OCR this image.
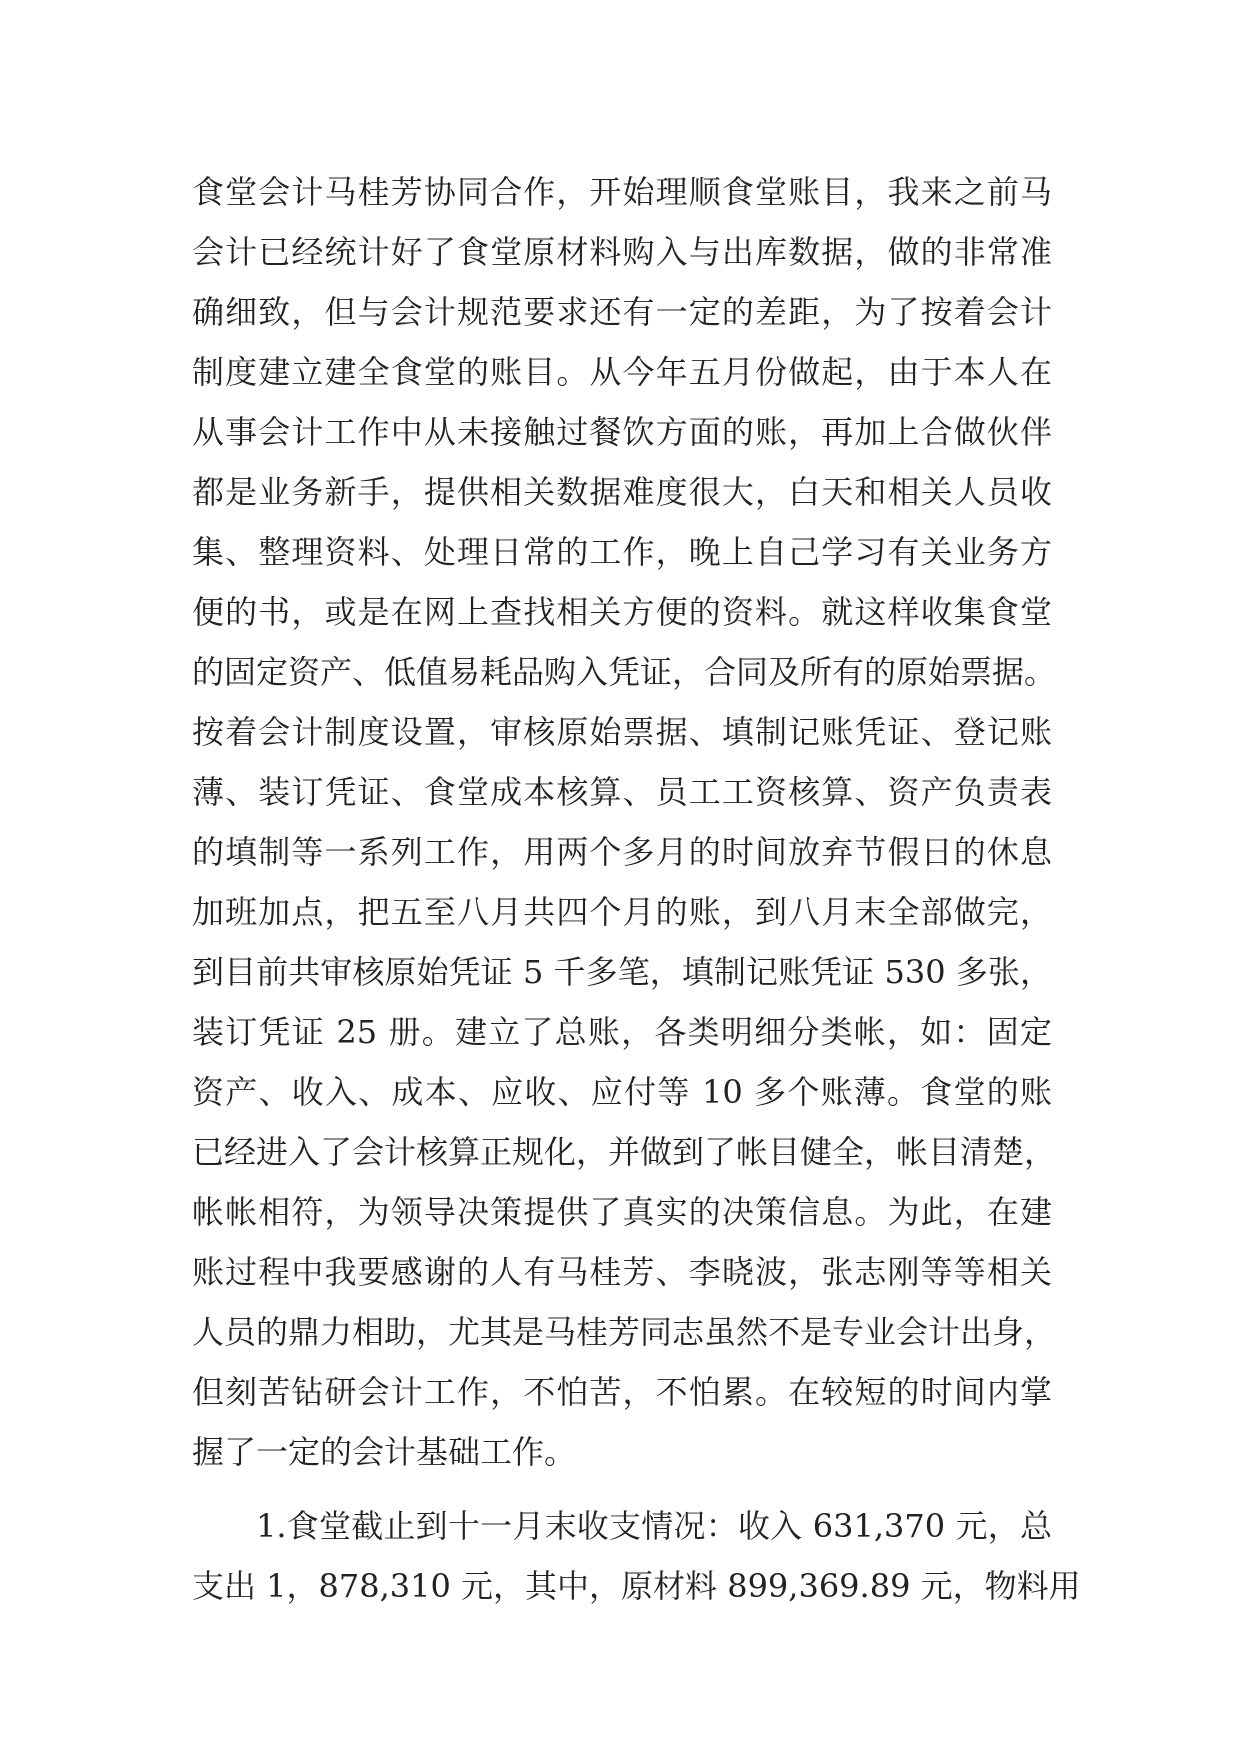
食堂会计马桂芳协同合作，开始理顺食堂账目，我来之前马
会计已经统计好了食堂原材料购入与出库数据，做的非常准
确细致，但与会计规范要求还有一定的差距，为了按着会计
制度建立建全食堂的账目。从今年五月份做起，由于本人在
从事会计工作中从未接触过餐饮方面的账，再加上合做伙伴
都是业务新手，提供相关数据难度很大，白天和相关人员收
集、整理资料、处理日常的工作，晚上自己学习有关业务方
便的书，或是在网上查找相关方便的资料。就这样收集食堂
的固定资产、低值易耗品购入凭证，合同及所有的原始票据。
按着会计制度设置，审核原始票据、填制记账凭证、登记账
薄、装订凭证、食堂成本核算、员工工资核算、资产负责表
的填制等一系列工作，用两个多月的时间放弃节假日的休息
加班加点，把五至八月共四个月的账，到八月末全部做完，
到目前共审核原始凭证 5 千多笔，填制记账凭证 530 多张，
装订凭证 25 册。建立了总账，各类明细分类帐，如：固定
资产、收入、成本、应收、应付等 10 多个账薄。食堂的账
已经进入了会计核算正规化，并做到了帐目健全，帐目清楚，
帐帐相符，为领导决策提供了真实的决策信息。为此，在建
账过程中我要感谢的人有马桂芳、李晓波，张志刚等等相关
人员的鼎力相助，尤其是马桂芳同志虽然不是专业会计出身，
但刻苦钻研会计工作，不怕苦，不怕累。在较短的时间内掌
握了一定的会计基础工作。
1.食堂截止到十一月末收支情况：收入 631,370 元，总
支出 1，878,310 元，其中，原材料 899,369.89 元，物料用
